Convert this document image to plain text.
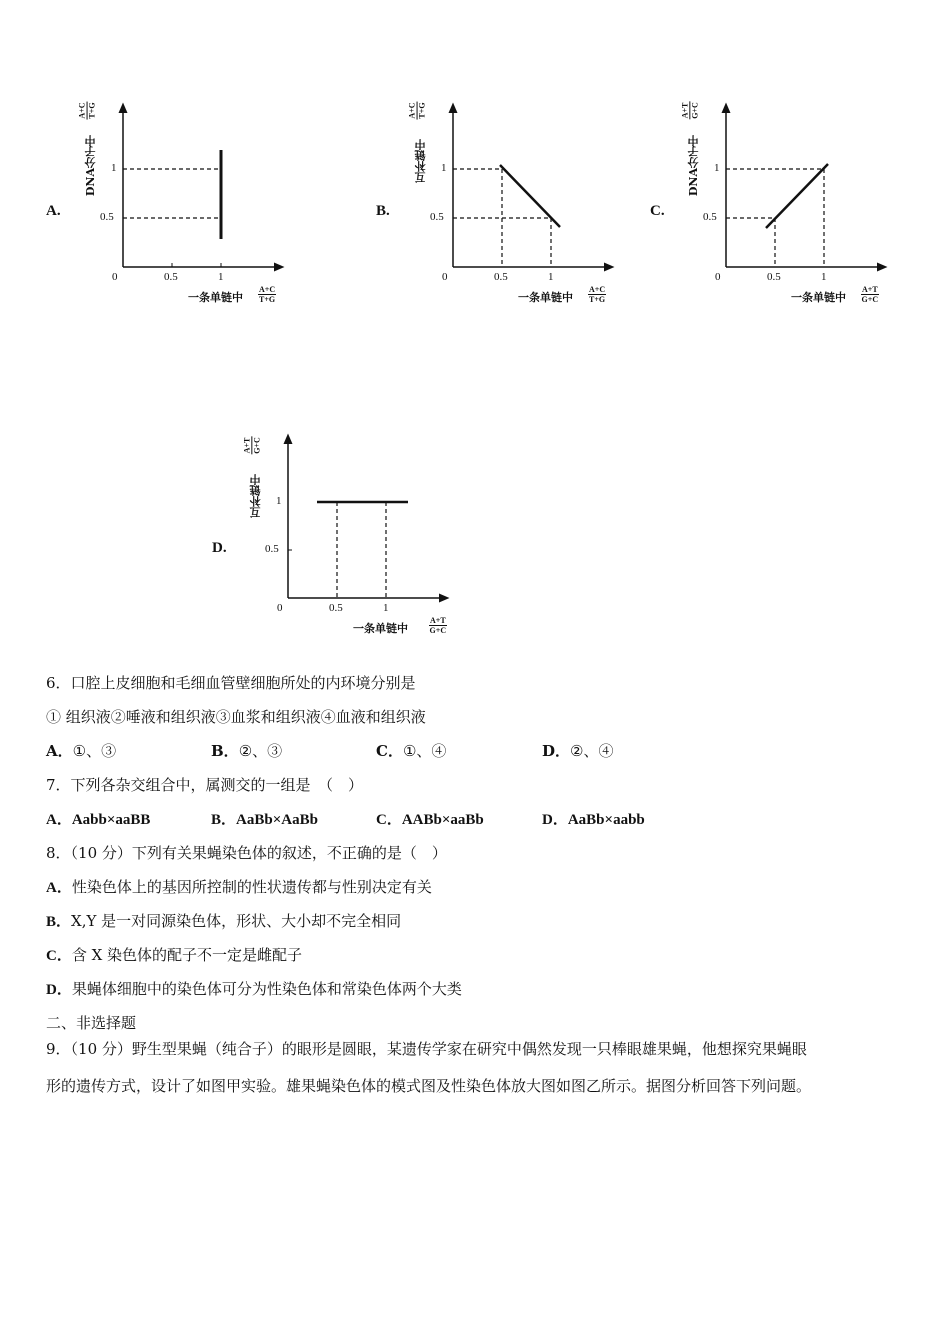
A.
A+C T+G
DNA分子中 1
0.5
0	0.5	1
一条单链中 $\frac{A+C}{T+G}$
B.
A+C T+G
互补链中 1
0.5
0	0.5	1
一条单链中 $\frac{A+C}{T+G}$
C.
A+T G+C
DNA分子中 1
0.5
0	0.5	1
一条单链中 $\frac{A+T}{G+C}$
D.
A+T G+C
互补链中 1
0.5
0	0.5	1
一条单链中	$\frac{A+T}{G+C}$
6．口腔上皮细胞和毛细血管壁细胞所处的内环境分别是
① 组织液②唾液和组织液③血浆和组织液④血液和组织液
A．①、③	B．②、③	C．①、④	D．②、④
7．下列各杂交组合中，属测交的一组是　（　）
A．Aabb×aaBB	B．AaBb×AaBb	C．AABb×aaBb	D．AaBb×aabb
8．（10 分）下列有关果蝇染色体的叙述，不正确的是（　）
A．性染色体上的基因所控制的性状遗传都与性别决定有关
B．X,Y 是一对同源染色体，形状、大小却不完全相同
C．含 X 染色体的配子不一定是雌配子
D．果蝇体细胞中的染色体可分为性染色体和常染色体两个大类
二、非选择题
9．（10 分）野生型果蝇（纯合子）的眼形是圆眼，某遗传学家在研究中偶然发现一只棒眼雄果蝇，他想探究果蝇眼
形的遗传方式，设计了如图甲实验。雄果蝇染色体的模式图及性染色体放大图如图乙所示。据图分析回答下列问题。
